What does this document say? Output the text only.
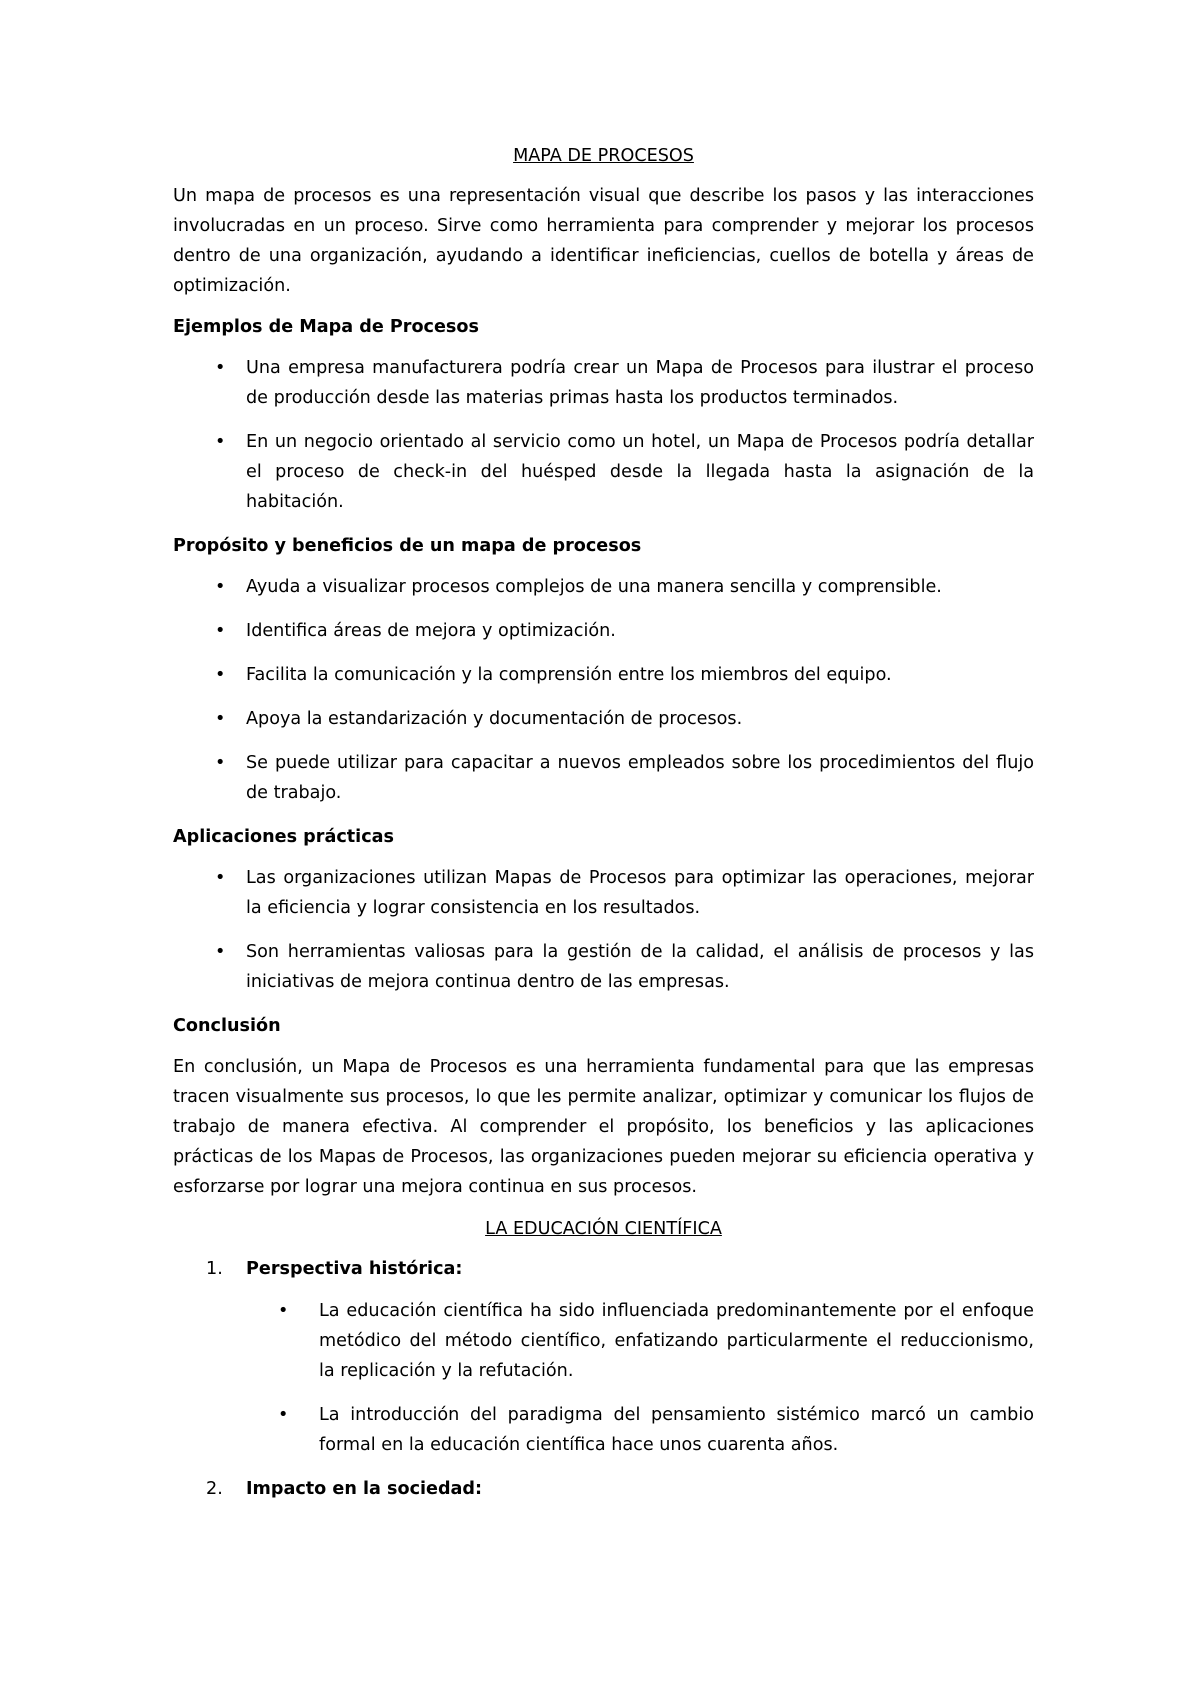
MAPA DE PROCESOS

Un mapa de procesos es una representación visual que describe los pasos y las interacciones involucradas en un proceso. Sirve como herramienta para comprender y mejorar los procesos dentro de una organización, ayudando a identificar ineficiencias, cuellos de botella y áreas de optimización.

Ejemplos de Mapa de Procesos

• Una empresa manufacturera podría crear un Mapa de Procesos para ilustrar el proceso de producción desde las materias primas hasta los productos terminados.
• En un negocio orientado al servicio como un hotel, un Mapa de Procesos podría detallar el proceso de check-in del huésped desde la llegada hasta la asignación de la habitación.

Propósito y beneficios de un mapa de procesos

• Ayuda a visualizar procesos complejos de una manera sencilla y comprensible.
• Identifica áreas de mejora y optimización.
• Facilita la comunicación y la comprensión entre los miembros del equipo.
• Apoya la estandarización y documentación de procesos.
• Se puede utilizar para capacitar a nuevos empleados sobre los procedimientos del flujo de trabajo.

Aplicaciones prácticas

• Las organizaciones utilizan Mapas de Procesos para optimizar las operaciones, mejorar la eficiencia y lograr consistencia en los resultados.
• Son herramientas valiosas para la gestión de la calidad, el análisis de procesos y las iniciativas de mejora continua dentro de las empresas.

Conclusión

En conclusión, un Mapa de Procesos es una herramienta fundamental para que las empresas tracen visualmente sus procesos, lo que les permite analizar, optimizar y comunicar los flujos de trabajo de manera efectiva. Al comprender el propósito, los beneficios y las aplicaciones prácticas de los Mapas de Procesos, las organizaciones pueden mejorar su eficiencia operativa y esforzarse por lograr una mejora continua en sus procesos.

LA EDUCACIÓN CIENTÍFICA

1. Perspectiva histórica:

• La educación científica ha sido influenciada predominantemente por el enfoque metódico del método científico, enfatizando particularmente el reduccionismo, la replicación y la refutación.
• La introducción del paradigma del pensamiento sistémico marcó un cambio formal en la educación científica hace unos cuarenta años.
2. Impacto en la sociedad:
